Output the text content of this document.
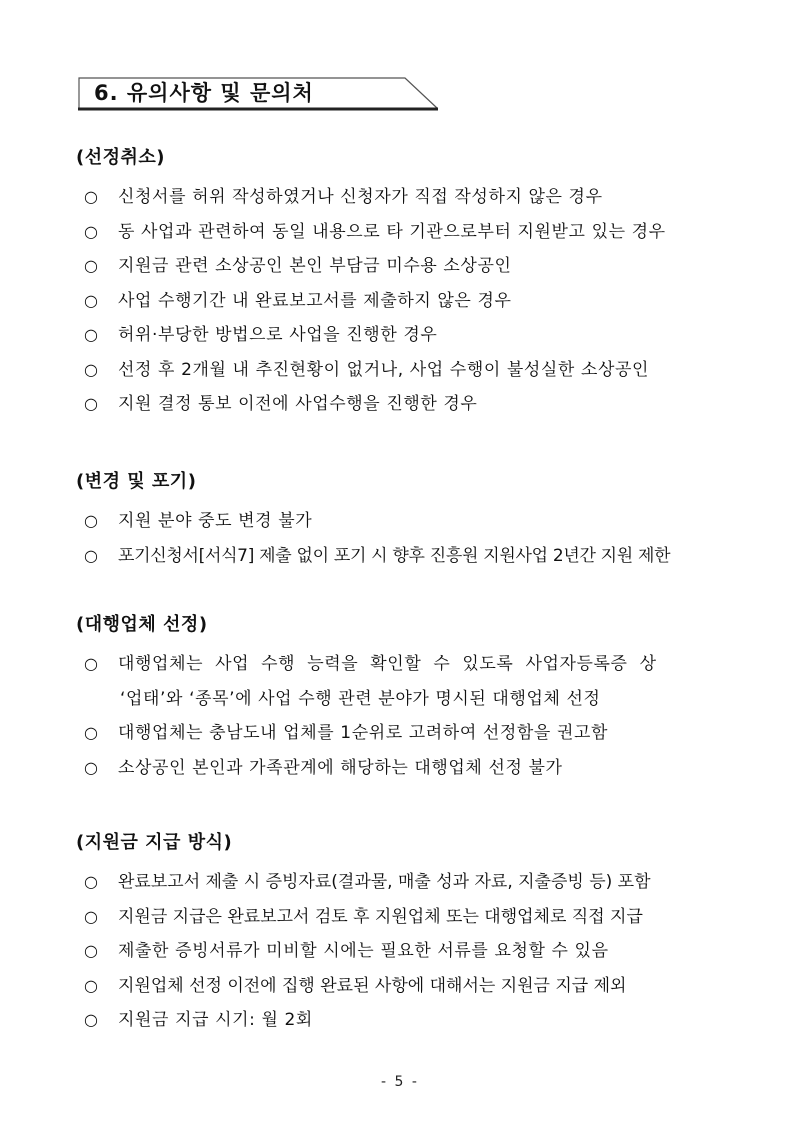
6. 유의사항 및 문의처
(선정취소)
○ 신청서를 허위 작성하였거나 신청자가 직접 작성하지 않은 경우
○ 동 사업과 관련하여 동일 내용으로 타 기관으로부터 지원받고 있는 경우
○ 지원금 관련 소상공인 본인 부담금 미수용 소상공인
○ 사업 수행기간 내 완료보고서를 제출하지 않은 경우
○ 허위·부당한 방법으로 사업을 진행한 경우
○ 선정 후 2개월 내 추진현황이 없거나, 사업 수행이 불성실한 소상공인
○ 지원 결정 통보 이전에 사업수행을 진행한 경우
(변경 및 포기)
○ 지원 분야 중도 변경 불가
○ 포기신청서[서식7] 제출 없이 포기 시 향후 진흥원 지원사업 2년간 지원 제한
(대행업체 선정)
○ 대행업체는 사업 수행 능력을 확인할 수 있도록 사업자등록증 상
‘업태’와 ‘종목’에 사업 수행 관련 분야가 명시된 대행업체 선정
○ 대행업체는 충남도내 업체를 1순위로 고려하여 선정함을 권고함
○ 소상공인 본인과 가족관계에 해당하는 대행업체 선정 불가
(지원금 지급 방식)
○ 완료보고서 제출 시 증빙자료(결과물, 매출 성과 자료, 지출증빙 등) 포함
○ 지원금 지급은 완료보고서 검토 후 지원업체 또는 대행업체로 직접 지급
○ 제출한 증빙서류가 미비할 시에는 필요한 서류를 요청할 수 있음
○ 지원업체 선정 이전에 집행 완료된 사항에 대해서는 지원금 지급 제외
○ 지원금 지급 시기: 월 2회
- 5 -
